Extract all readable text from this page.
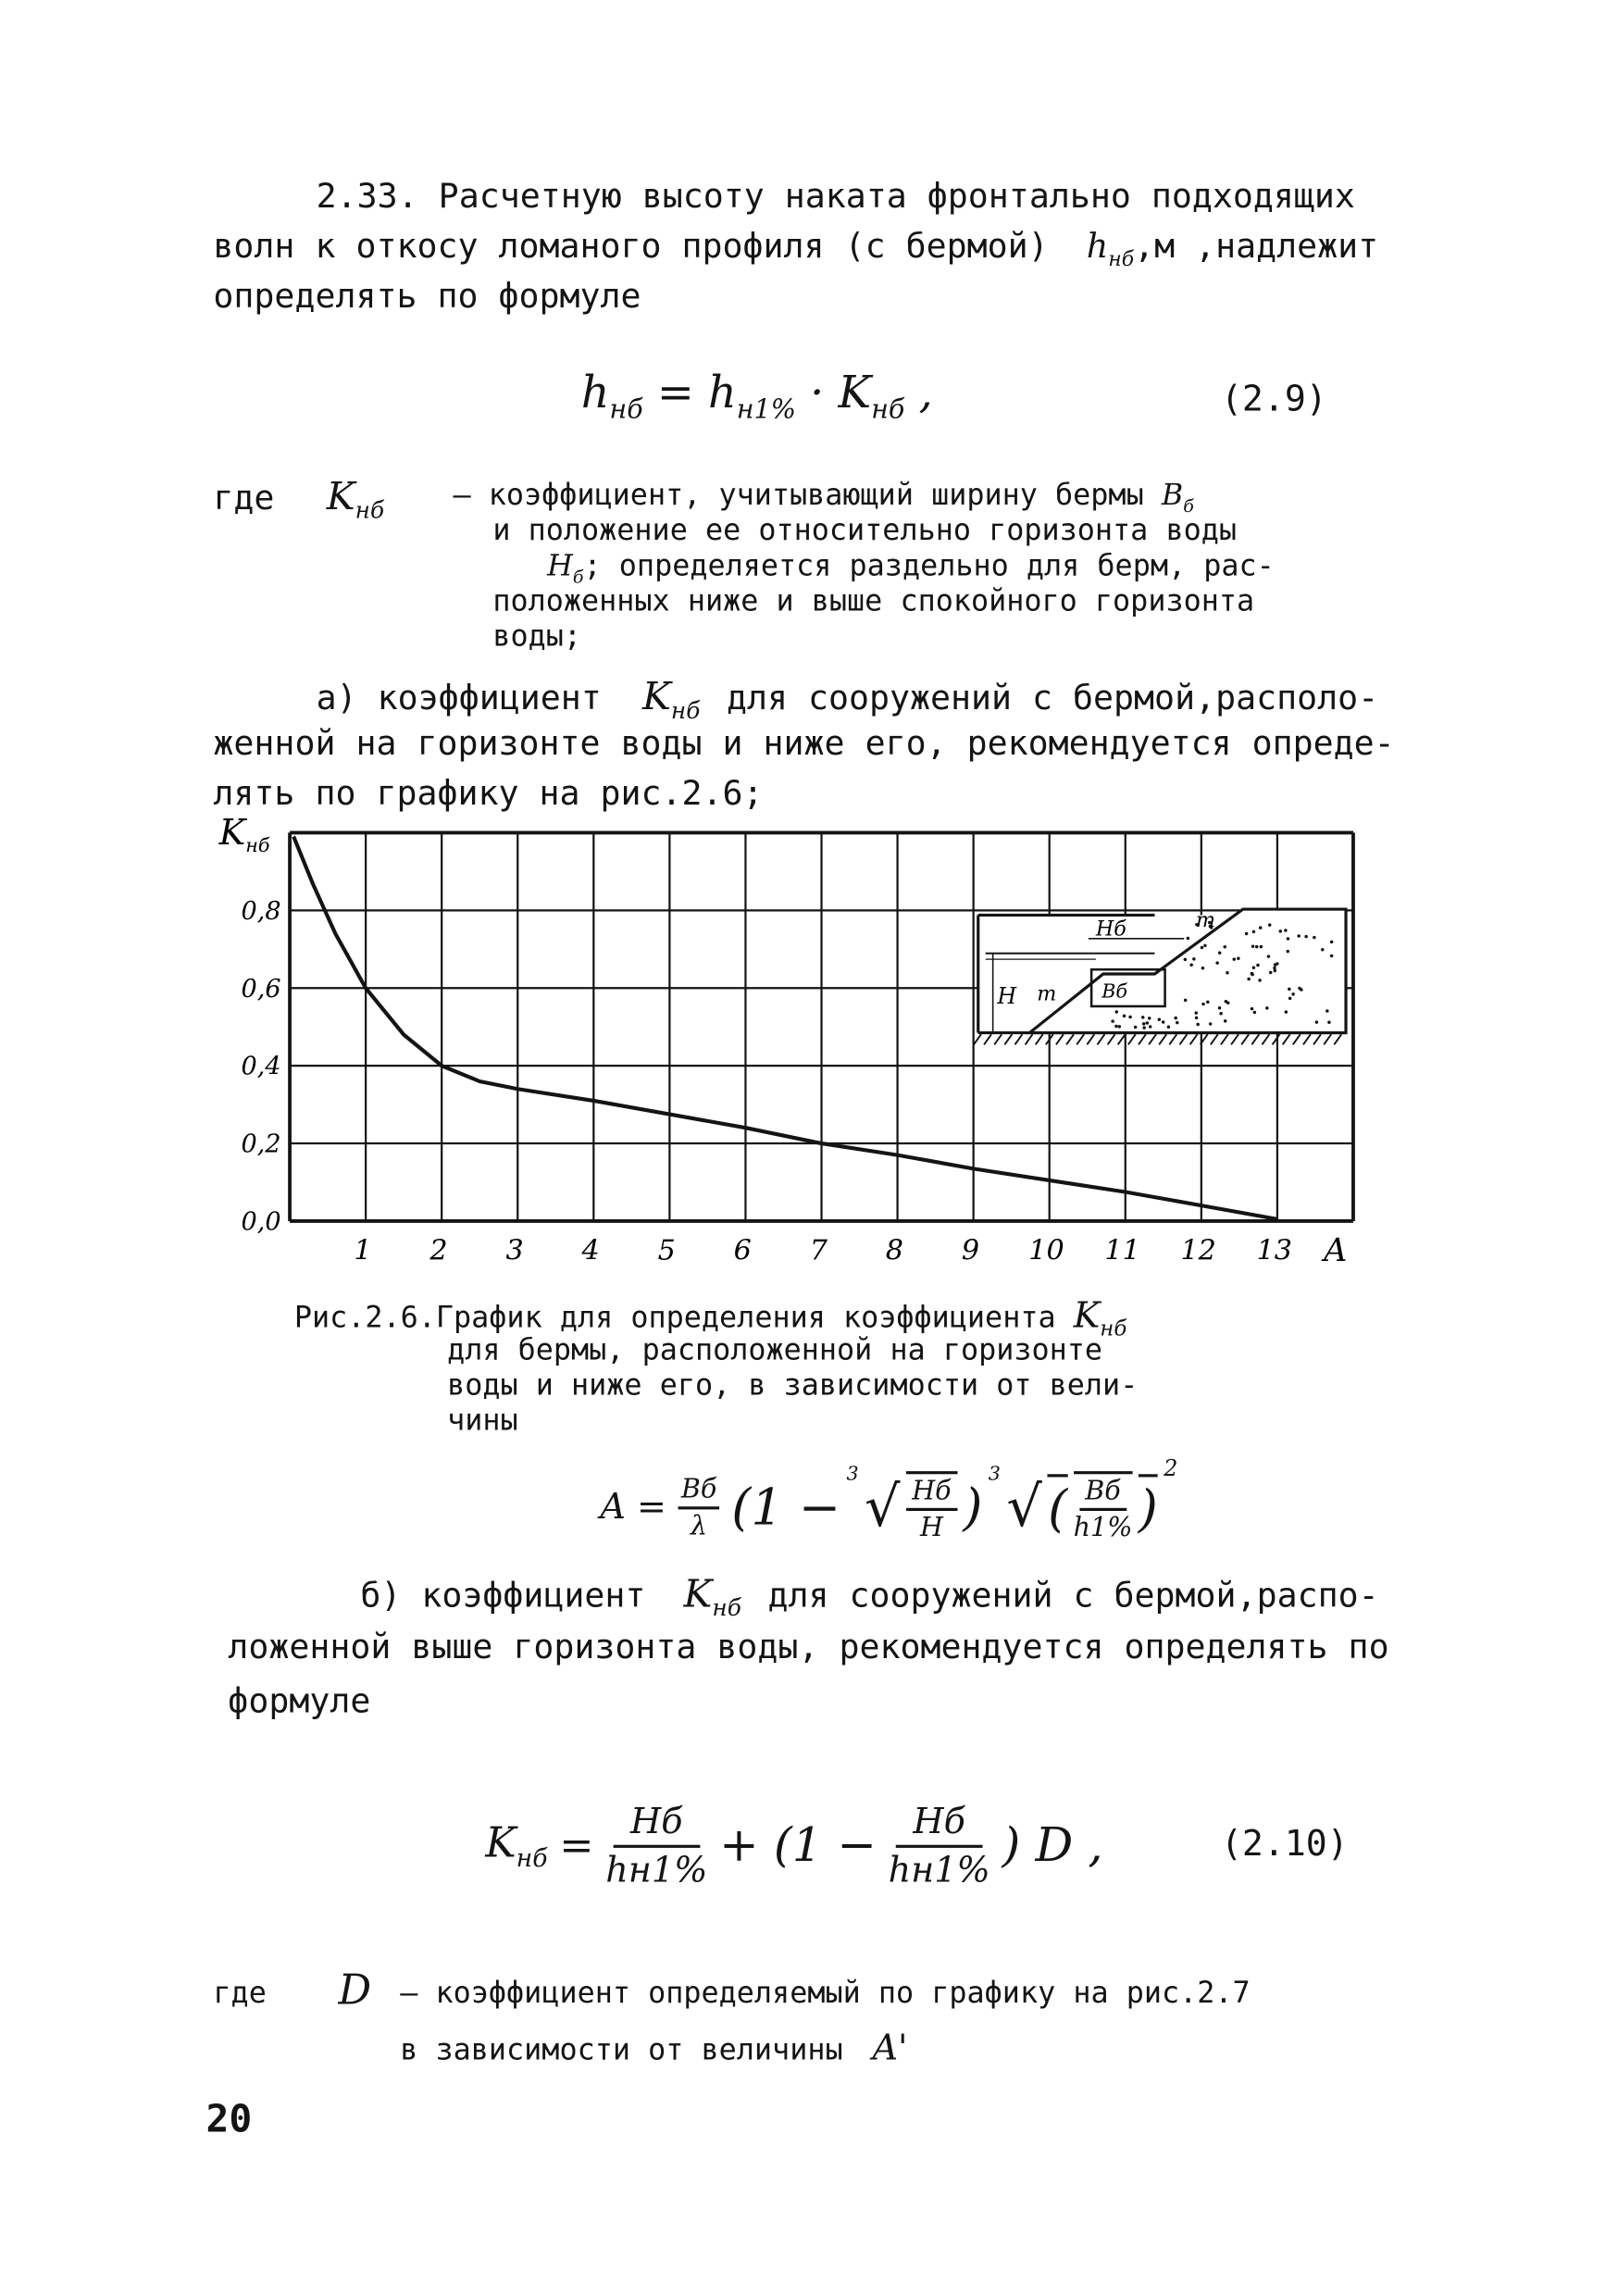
2.33. Расчетную высоту наката фронтально подходящих
волн к откосу ломаного профиля (с бермой) $h_{нб},м$ ,надлежит
определять по формуле
$h_{нб} = h_{н1\%} \cdot K_{нб}$ ,	(2.9)
где $K_{нб}$	– коэффициент, учитывающий ширину бермы $B_б$
и положение ее относительно горизонта воды
$H_б$; определяется раздельно для берм, рас-
положенных ниже и выше спокойного горизонта
воды;
а) коэффициент $K_{нб}$ для сооружений с бермой,располо-
женной на горизонте воды и ниже его, рекомендуется опреде-
лять по графику на рис.2.6;
H m
Hб
Bб
m
0,0
0,2
0,4
0,6
0,8
1	2	3	4	5	6	7	8	9	10 11 12 13
$K_{нб}$
A
Рис.2.6.График для определения коэффициента $K_{нб}$
для бермы, расположенной на горизонте
воды и ниже его, в зависимости от вели-
чины
A = Bб
λ (1 −
$^3$ √ Hб
H )
$^3$ √ (	Bб
h1% )
$^2$
б) коэффициент $K_{нб}$ для сооружений с бермой,распо-
ложенной выше горизонта воды, рекомендуется определять по
формуле
$K_{нб}$ =	Hб
hн1% + (1 −	Hб
hн1% ) D ,	(2.10)
где	D – коэффициент определяемый по графику на рис.2.7
в зависимости от величины A'
20
